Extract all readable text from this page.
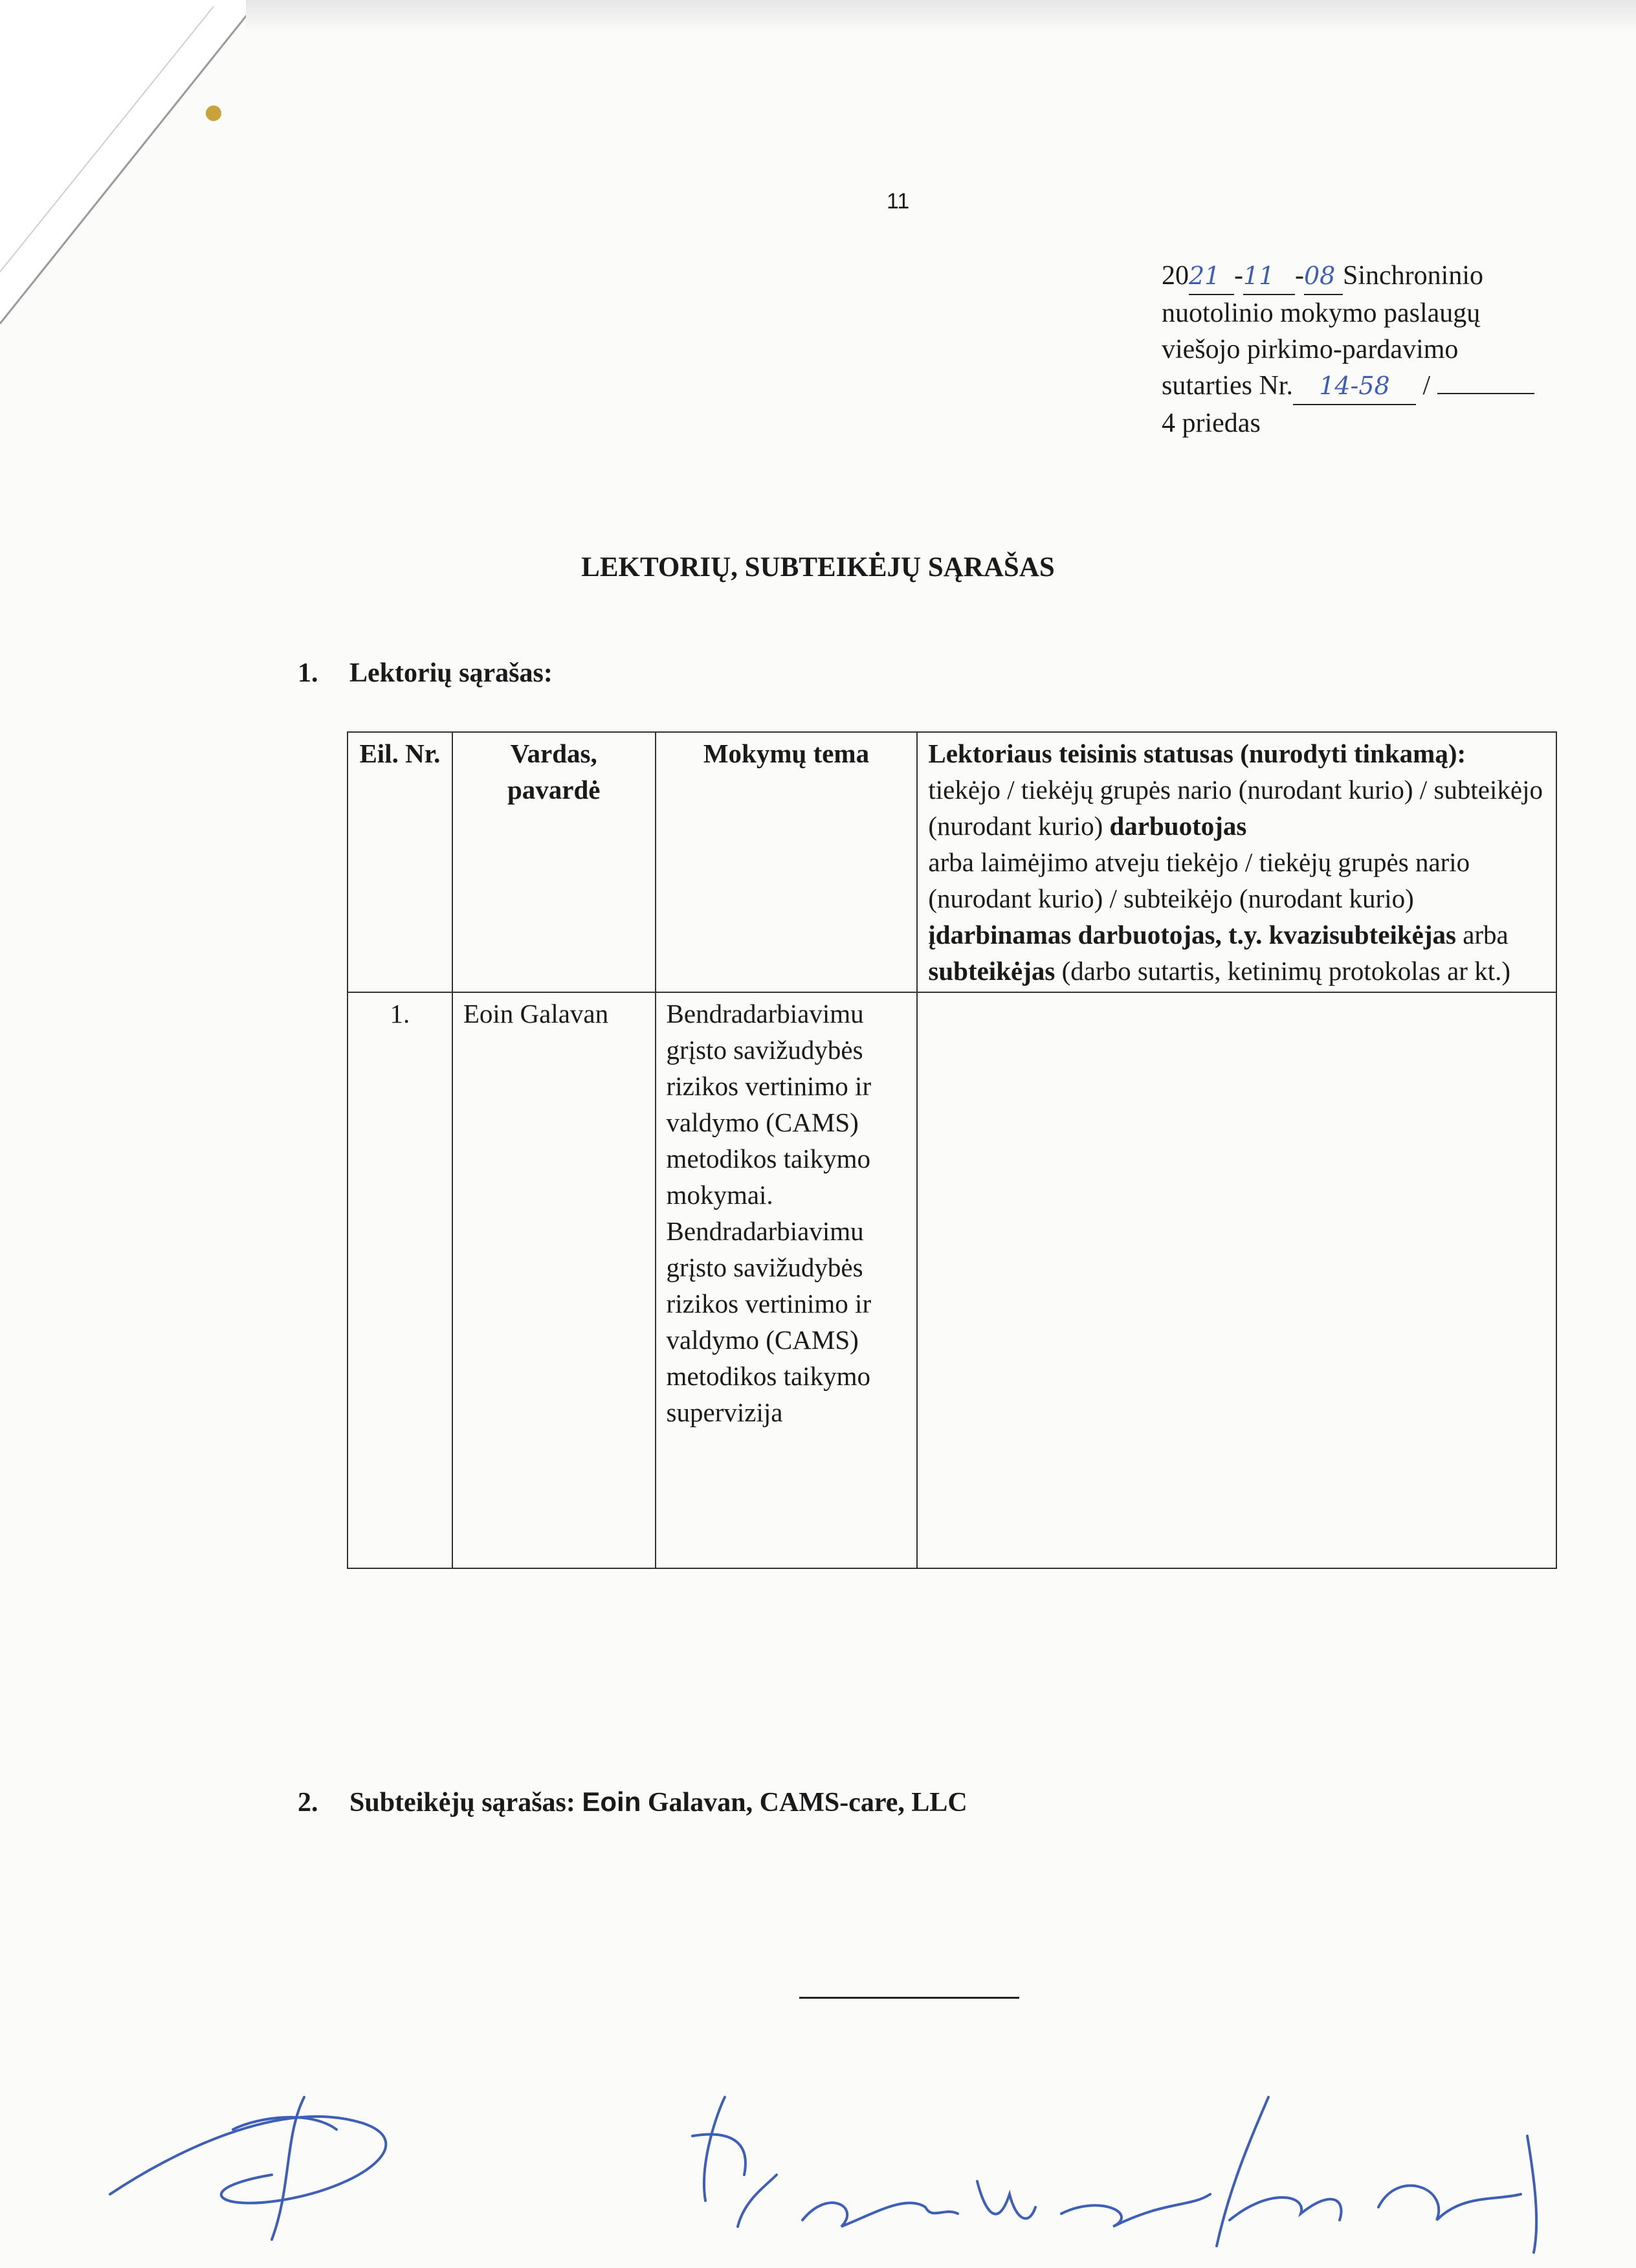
11
2021 -11 -08 Sinchroninio
nuotolinio mokymo paslaugų
viešojo pirkimo-pardavimo
sutarties Nr. 14-58 /
4 priedas
LEKTORIŲ, SUBTEIKĖJŲ SĄRAŠAS
1. Lektorių sąrašas:
Eil. Nr.	Vardas, pavardė	Mokymų tema	Lektoriaus teisinis statusas (nurodyti tinkamą):
tiekėjo / tiekėjų grupės nario (nurodant kurio) / subteikėjo (nurodant kurio) darbuotojas
arba laimėjimo atveju tiekėjo / tiekėjų grupės nario (nurodant kurio) / subteikėjo (nurodant kurio) įdarbinamas darbuotojas, t.y. kvazisubteikėjas arba
subteikėjas (darbo sutartis, ketinimų protokolas ar kt.)
1.	Eoin Galavan	Bendradarbiavimu grįsto savižudybės rizikos vertinimo ir valdymo (CAMS) metodikos taikymo mokymai. Bendradarbiavimu grįsto savižudybės rizikos vertinimo ir valdymo (CAMS) metodikos taikymo supervizija	
2. Subteikėjų sąrašas: Eoin Galavan, CAMS-care, LLC
